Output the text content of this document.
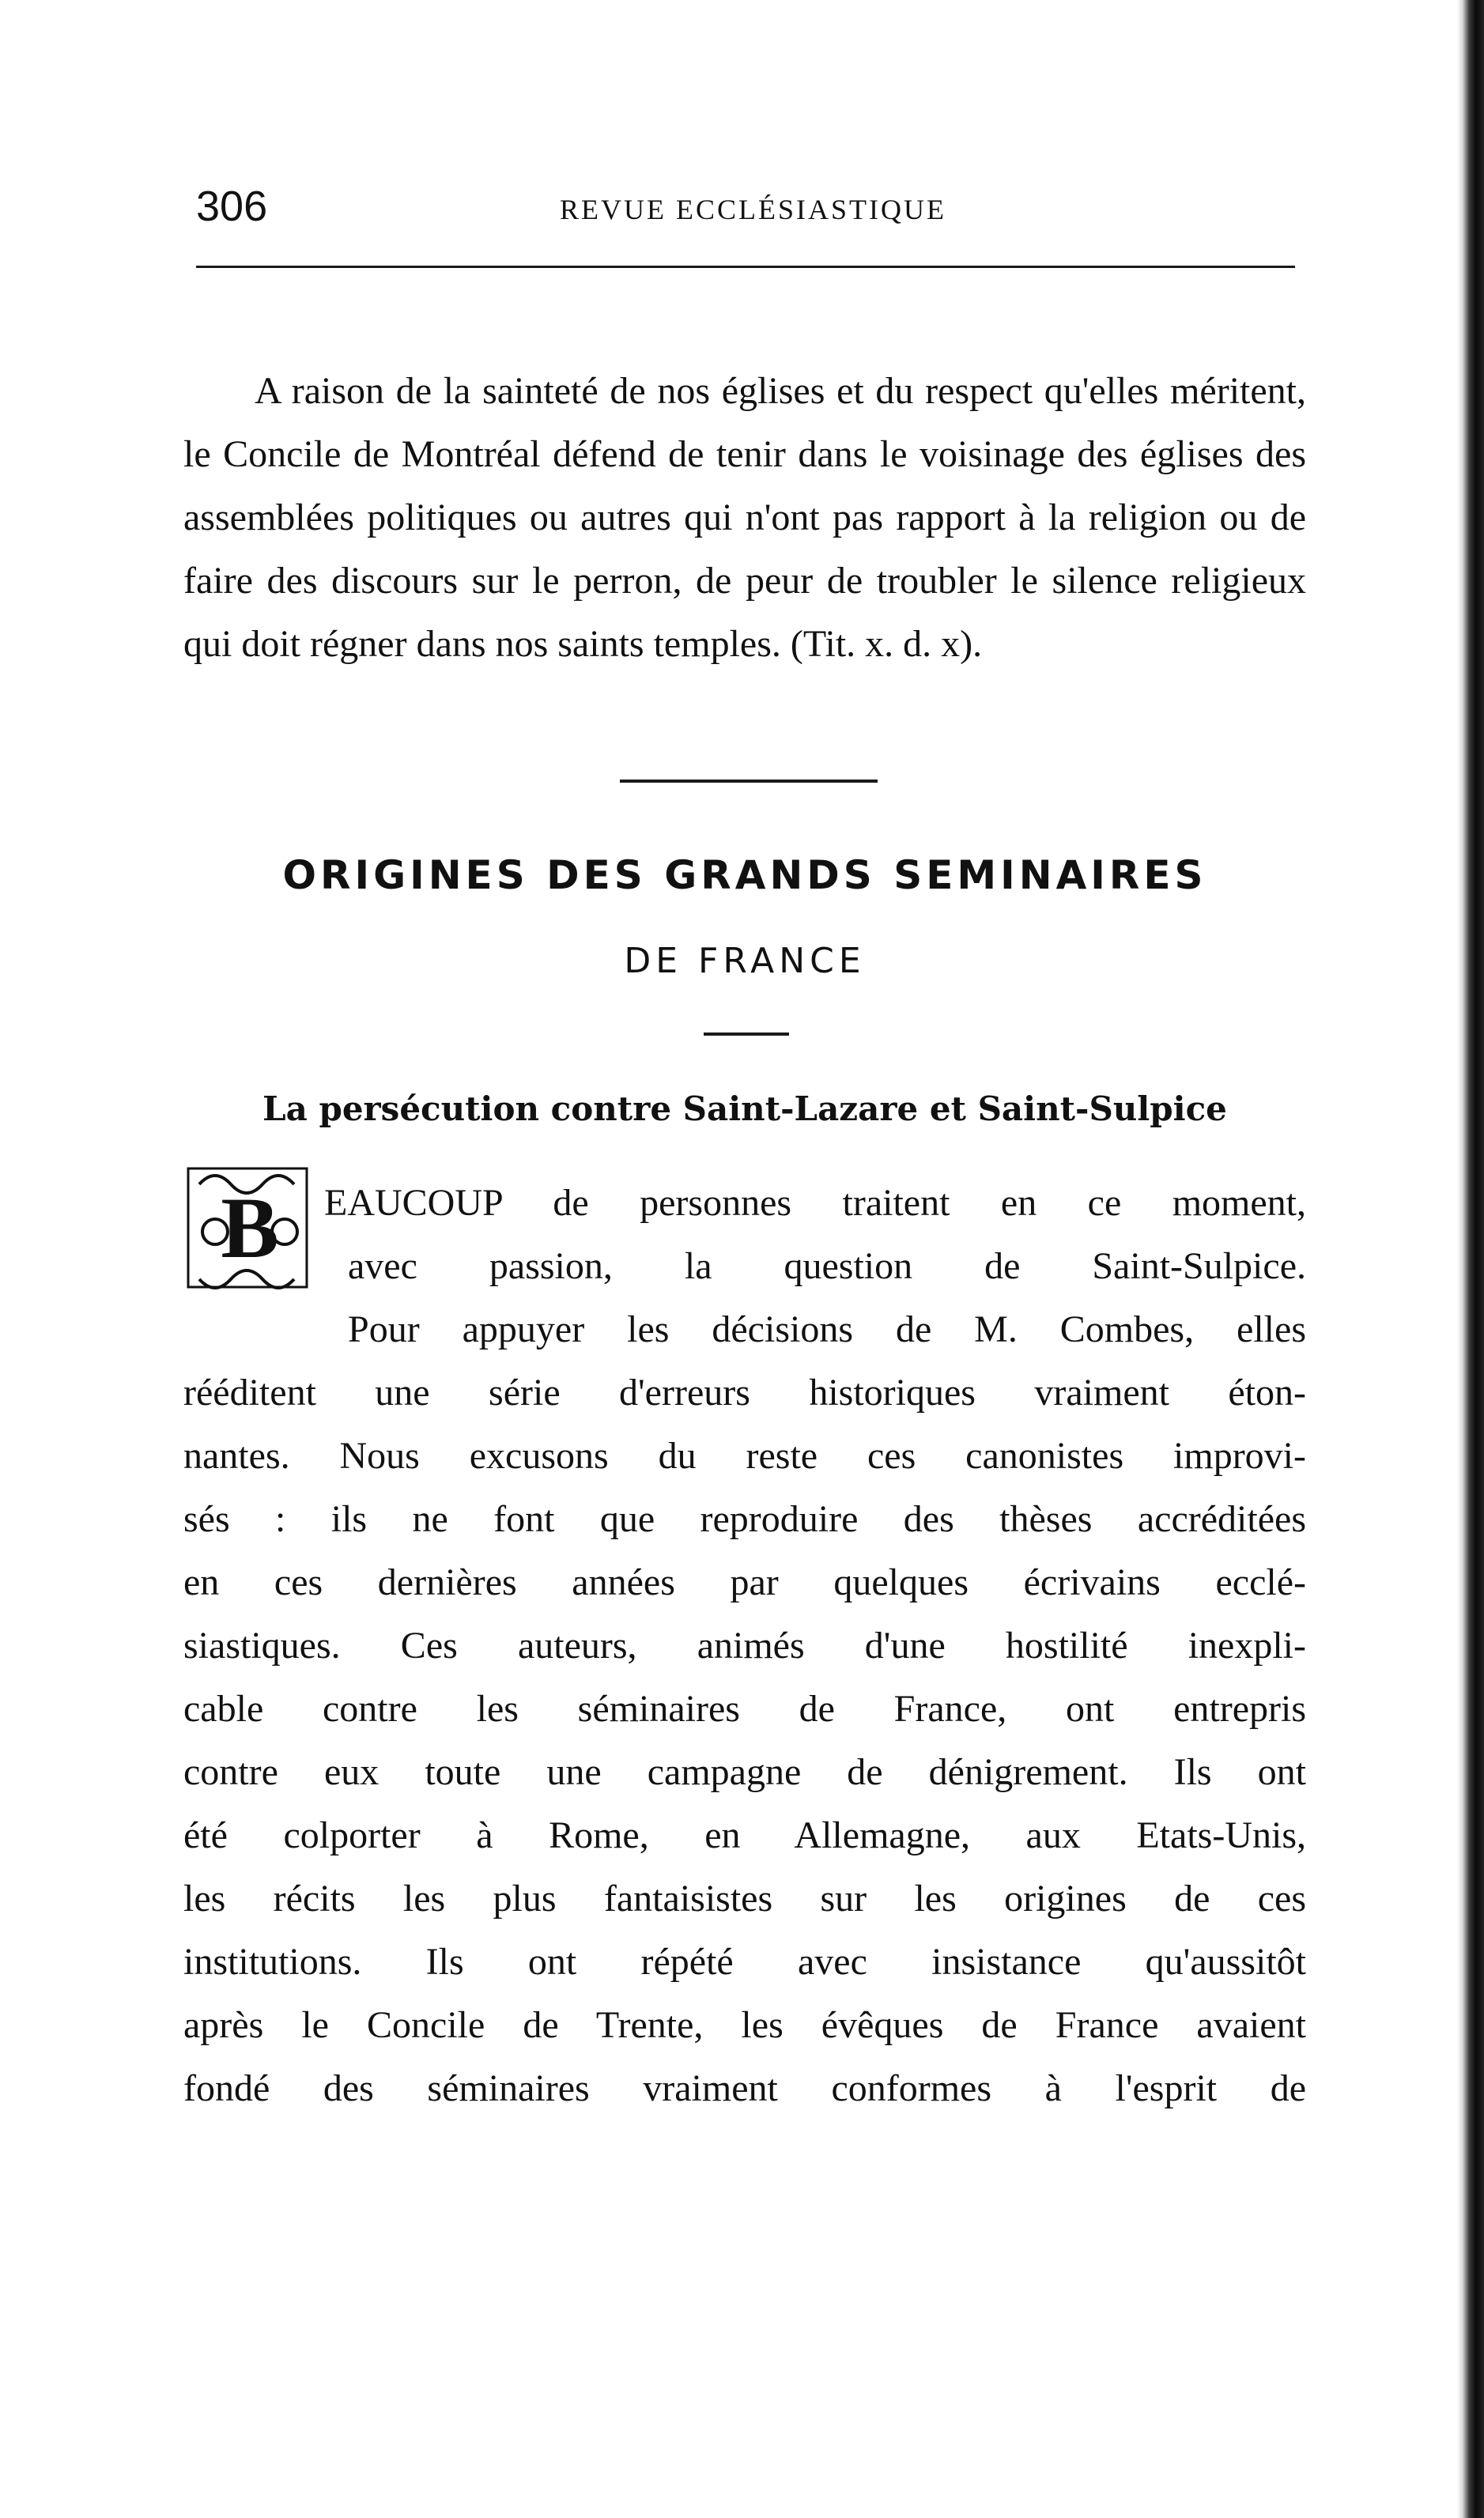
306	REVUE ECCLÉSIASTIQUE

A raison de la sainteté de nos églises et du respect qu'elles méritent, le Concile de Montréal défend de tenir dans le voisinage des églises des assemblées politiques ou autres qui n'ont pas rapport à la religion ou de faire des discours sur le perron, de peur de troubler le silence religieux qui doit régner dans nos saints temples. (Tit. x. d. x).

ORIGINES DES GRANDS SEMINAIRES
DE FRANCE
La persécution contre Saint-Lazare et Saint-Sulpice
B EAUCOUP de personnes traitent en ce moment,
avec passion, la question de Saint-Sulpice.
Pour appuyer les décisions de M. Combes, elles
rééditent une série d'erreurs historiques vraiment éton-
nantes. Nous excusons du reste ces canonistes improvi-
sés : ils ne font que reproduire des thèses accréditées
en ces dernières années par quelques écrivains ecclé-
siastiques. Ces auteurs, animés d'une hostilité inexpli-
cable contre les séminaires de France, ont entrepris
contre eux toute une campagne de dénigrement. Ils ont
été colporter à Rome, en Allemagne, aux Etats-Unis,
les récits les plus fantaisistes sur les origines de ces
institutions. Ils ont répété avec insistance qu'aussitôt
après le Concile de Trente, les évêques de France avaient
fondé des séminaires vraiment conformes à l'esprit de
